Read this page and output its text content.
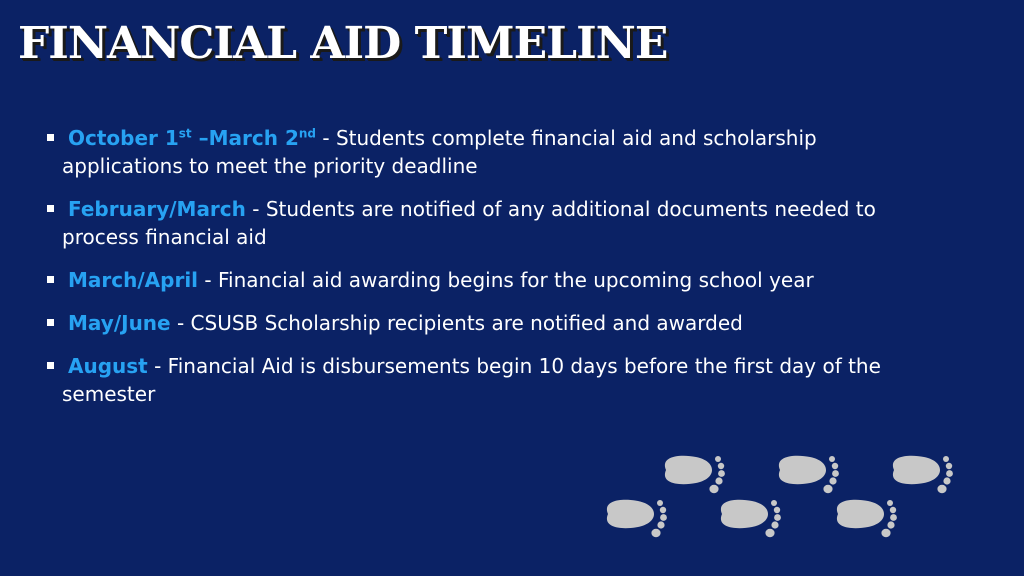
FINANCIAL AID TIMELINE
October 1st –March 2nd - Students complete financial aid and scholarship applications to meet the priority deadline
February/March - Students are notified of any additional documents needed to process financial aid
March/April - Financial aid awarding begins for the upcoming school year
May/June - CSUSB Scholarship recipients are notified and awarded
August - Financial Aid is disbursements begin 10 days before the first day of the semester
